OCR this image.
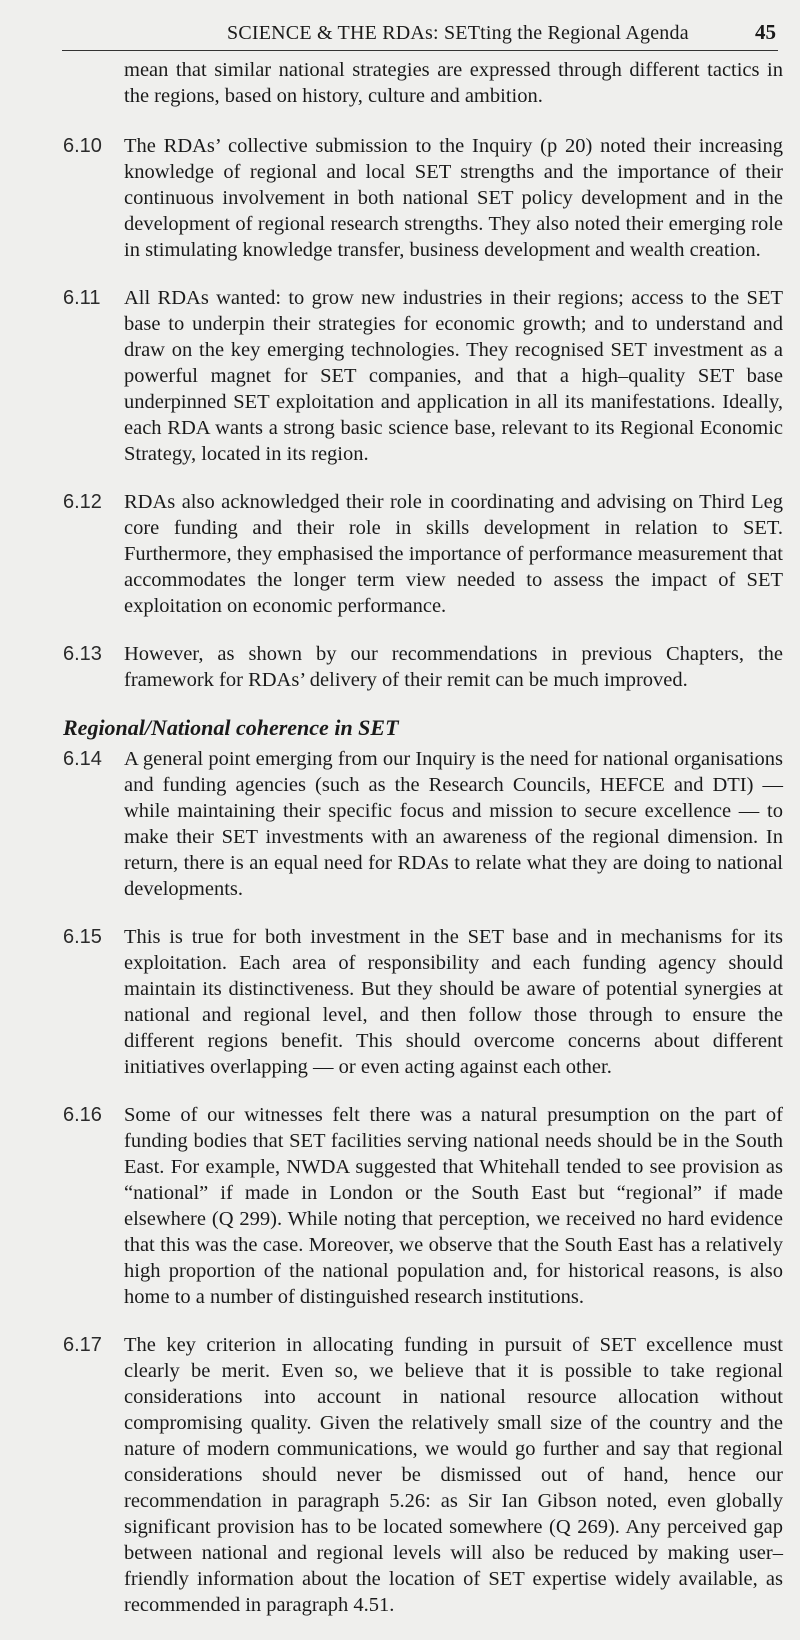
SCIENCE & THE RDAs: SETting the Regional Agenda	45
mean that similar national strategies are expressed through different tactics in the regions, based on history, culture and ambition.
6.10	The RDAs’ collective submission to the Inquiry (p 20) noted their increasing knowledge of regional and local SET strengths and the importance of their continuous involvement in both national SET policy development and in the development of regional research strengths. They also noted their emerging role in stimulating knowledge transfer, business development and wealth creation.
6.11	All RDAs wanted: to grow new industries in their regions; access to the SET base to underpin their strategies for economic growth; and to understand and draw on the key emerging technologies. They recognised SET investment as a powerful magnet for SET companies, and that a high–quality SET base underpinned SET exploitation and application in all its manifestations. Ideally, each RDA wants a strong basic science base, relevant to its Regional Economic Strategy, located in its region.
6.12	RDAs also acknowledged their role in coordinating and advising on Third Leg core funding and their role in skills development in relation to SET. Furthermore, they emphasised the importance of performance measurement that accommodates the longer term view needed to assess the impact of SET exploitation on economic performance.
6.13	However, as shown by our recommendations in previous Chapters, the framework for RDAs’ delivery of their remit can be much improved.
Regional/National coherence in SET
6.14	A general point emerging from our Inquiry is the need for national organisations and funding agencies (such as the Research Councils, HEFCE and DTI) — while maintaining their specific focus and mission to secure excellence — to make their SET investments with an awareness of the regional dimension. In return, there is an equal need for RDAs to relate what they are doing to national developments.
6.15	This is true for both investment in the SET base and in mechanisms for its exploitation. Each area of responsibility and each funding agency should maintain its distinctiveness. But they should be aware of potential synergies at national and regional level, and then follow those through to ensure the different regions benefit. This should overcome concerns about different initiatives overlapping — or even acting against each other.
6.16	Some of our witnesses felt there was a natural presumption on the part of funding bodies that SET facilities serving national needs should be in the South East. For example, NWDA suggested that Whitehall tended to see provision as “national” if made in London or the South East but “regional” if made elsewhere (Q 299). While noting that perception, we received no hard evidence that this was the case. Moreover, we observe that the South East has a relatively high proportion of the national population and, for historical reasons, is also home to a number of distinguished research institutions.
6.17	The key criterion in allocating funding in pursuit of SET excellence must clearly be merit. Even so, we believe that it is possible to take regional considerations into account in national resource allocation without compromising quality. Given the relatively small size of the country and the nature of modern communications, we would go further and say that regional considerations should never be dismissed out of hand, hence our recommendation in paragraph 5.26: as Sir Ian Gibson noted, even globally significant provision has to be located somewhere (Q 269). Any perceived gap between national and regional levels will also be reduced by making user–friendly information about the location of SET expertise widely available, as recommended in paragraph 4.51.
